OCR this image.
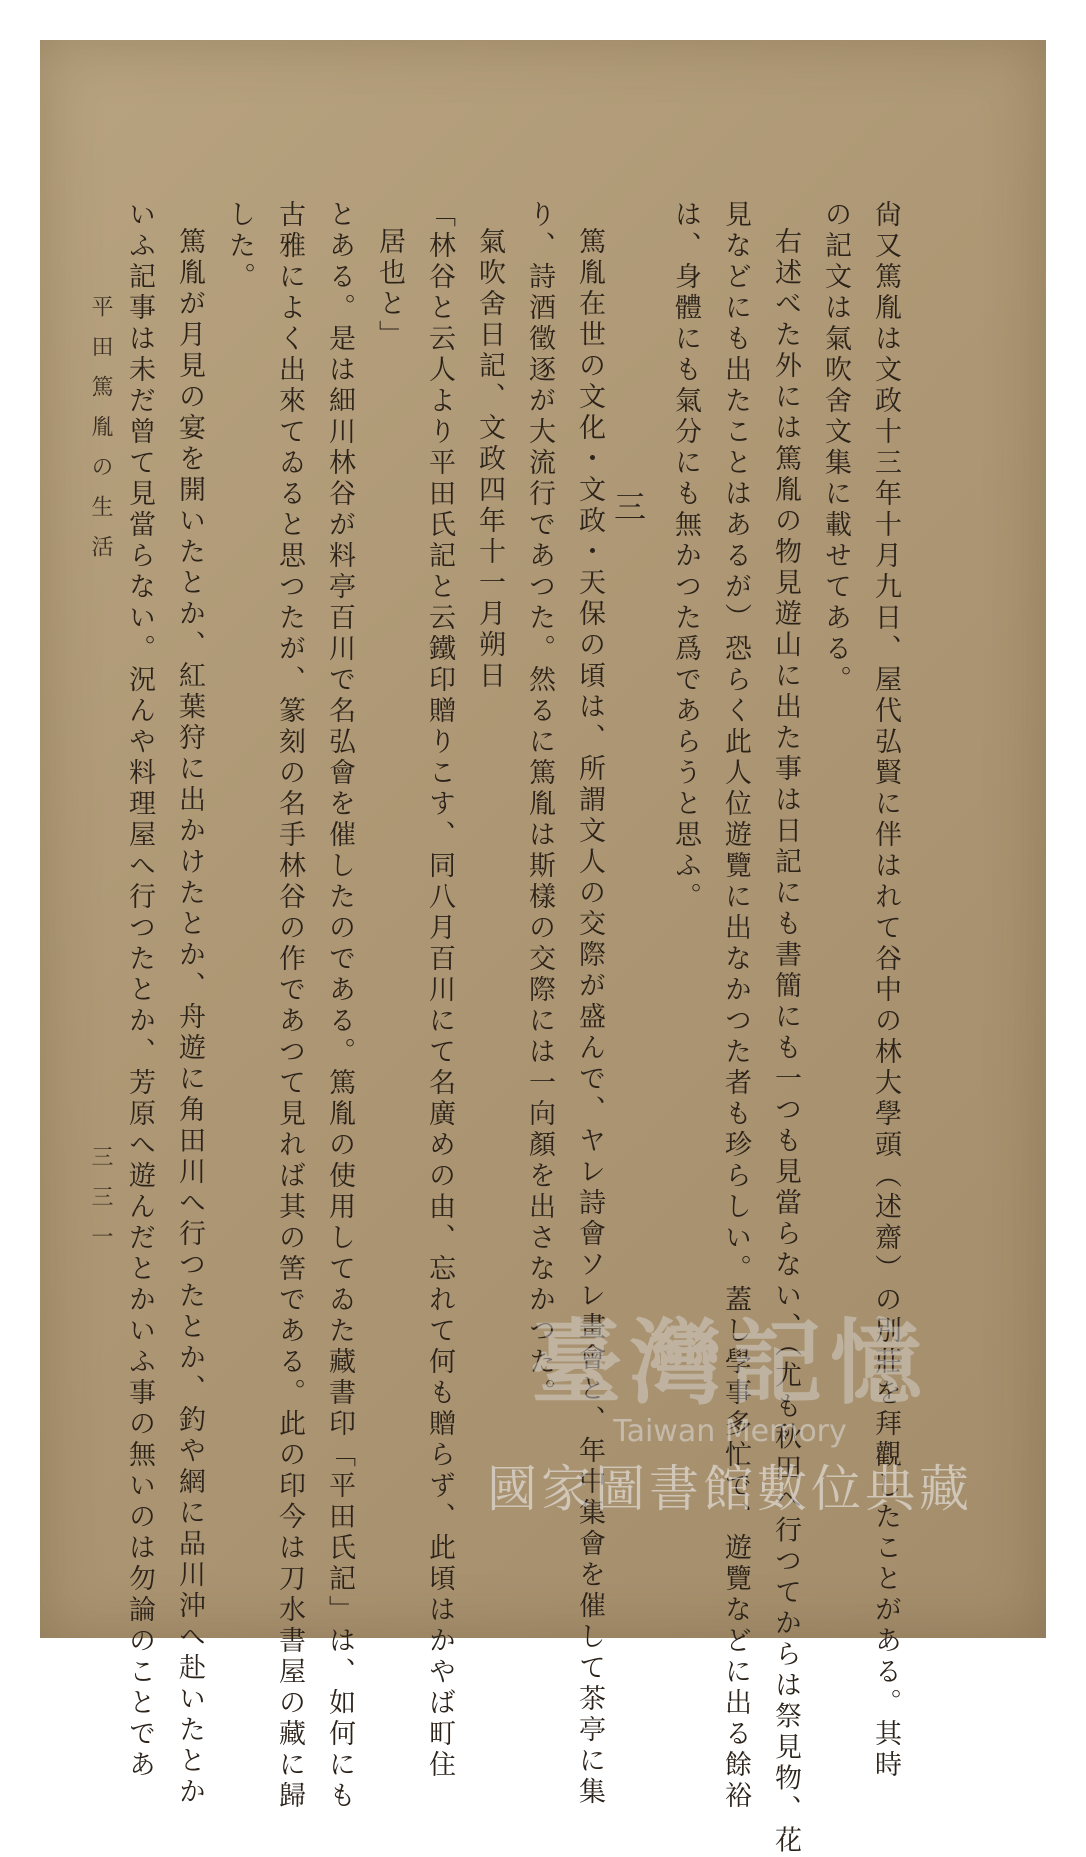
尙又篤胤は文政十三年十月九日、屋代弘賢に伴はれて谷中の林大學頭（述齋）の別莊を拜觀したことがある。其時
の記文は氣吹舍文集に載せてある。
右述べた外には篤胤の物見遊山に出た事は日記にも書簡にも一つも見當らない、（尤も秋田へ行つてからは祭見物、花
見などにも出たことはあるが）恐らく此人位遊覽に出なかつた者も珍らしい。蓋し學事多忙で、遊覽などに出る餘裕
は、身體にも氣分にも無かつた爲であらうと思ふ。
三
篤胤在世の文化・文政・天保の頃は、所謂文人の交際が盛んで、ヤレ詩會ソレ畫會と、年中集會を催して茶亭に集
り、詩酒徵逐が大流行であつた。然るに篤胤は斯樣の交際には一向顏を出さなかつた。
氣吹舍日記、文政四年十一月朔日
「林谷と云人より平田氏記と云鐵印贈りこす、同八月百川にて名廣めの由、忘れて何も贈らず、此頃はかやば町住
居也と」
とある。是は細川林谷が料亭百川で名弘會を催したのである。篤胤の使用してゐた藏書印「平田氏記」は、如何にも
古雅によく出來てゐると思つたが、篆刻の名手林谷の作であつて見れば其の筈である。此の印今は刀水書屋の藏に歸
した。
篤胤が月見の宴を開いたとか、紅葉狩に出かけたとか、舟遊に角田川へ行つたとか、釣や網に品川沖へ赴いたとか
いふ記事は未だ曾て見當らない。況んや料理屋へ行つたとか、芳原へ遊んだとかいふ事の無いのは勿論のことであ
平田篤胤の生活
三三一
臺灣記憶
Taiwan Memory
國家圖書館數位典藏
